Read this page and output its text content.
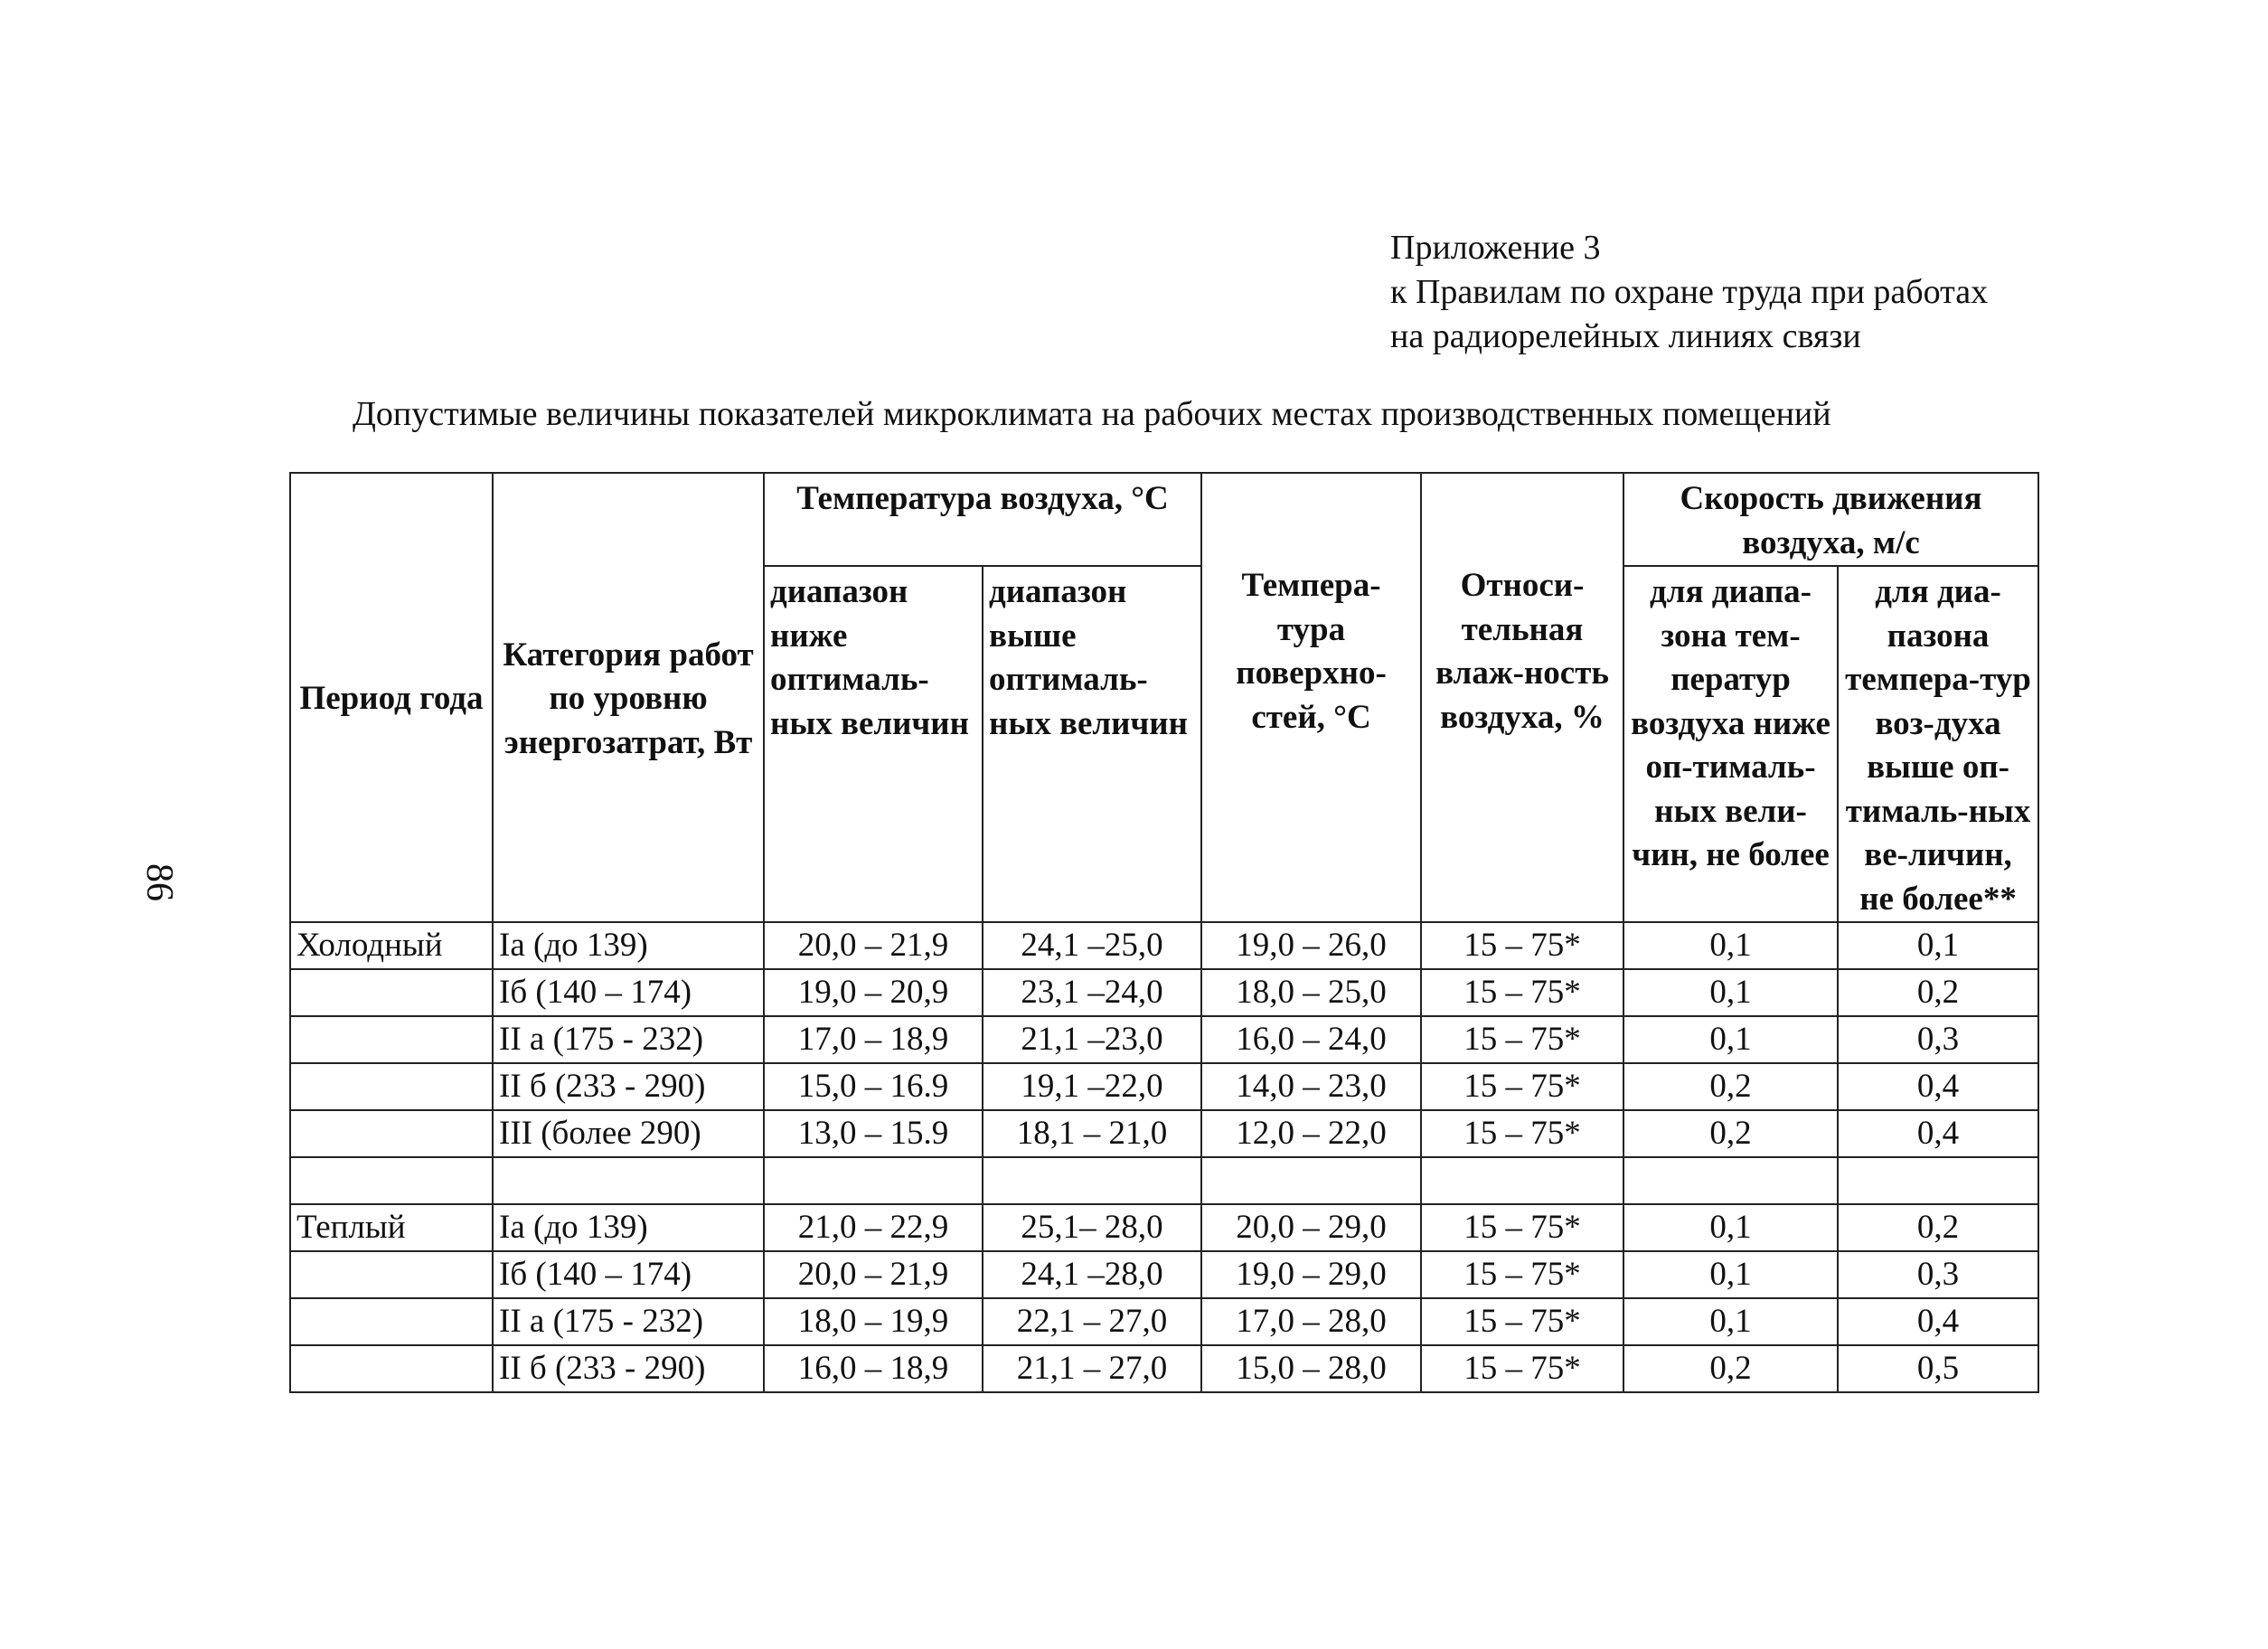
86
Приложение 3
к Правилам по охране труда при работах
на радиорелейных линиях связи
Допустимые величины показателей микроклимата на рабочих местах производственных помещений
Период года	Категория работ по уровню энергозатрат, Вт	Температура воздуха, °С		Темпера-тура поверхно-стей, °С	Относи-тельная влаж-ность воздуха, %	Скорость движения воздуха, м/с	
		диапазон ниже оптималь-ных величин	диапазон выше оптималь-ных величин			для диапа-зона тем-ператур воздуха ниже оп-тималь-ных вели-чин, не более	для диа-пазона темпера-тур воз-духа выше оп-тималь-ных ве-личин, не более**
Холодный	Ia (до 139)	20,0 – 21,9	24,1 –25,0	19,0 – 26,0	15 – 75*	0,1	0,1
	Iб (140 – 174)	19,0 – 20,9	23,1 –24,0	18,0 – 25,0	15 – 75*	0,1	0,2
	II а (175 - 232)	17,0 – 18,9	21,1 –23,0	16,0 – 24,0	15 – 75*	0,1	0,3
	II б (233 - 290)	15,0 – 16.9	19,1 –22,0	14,0 – 23,0	15 – 75*	0,2	0,4
	III (более 290)	13,0 – 15.9	18,1 – 21,0	12,0 – 22,0	15 – 75*	0,2	0,4

Теплый	Ia (до 139)	21,0 – 22,9	25,1– 28,0	20,0 – 29,0	15 – 75*	0,1	0,2
	Iб (140 – 174)	20,0 – 21,9	24,1 –28,0	19,0 – 29,0	15 – 75*	0,1	0,3
	II а (175 - 232)	18,0 – 19,9	22,1 – 27,0	17,0 – 28,0	15 – 75*	0,1	0,4
	II б (233 - 290)	16,0 – 18,9	21,1 – 27,0	15,0 – 28,0	15 – 75*	0,2	0,5
